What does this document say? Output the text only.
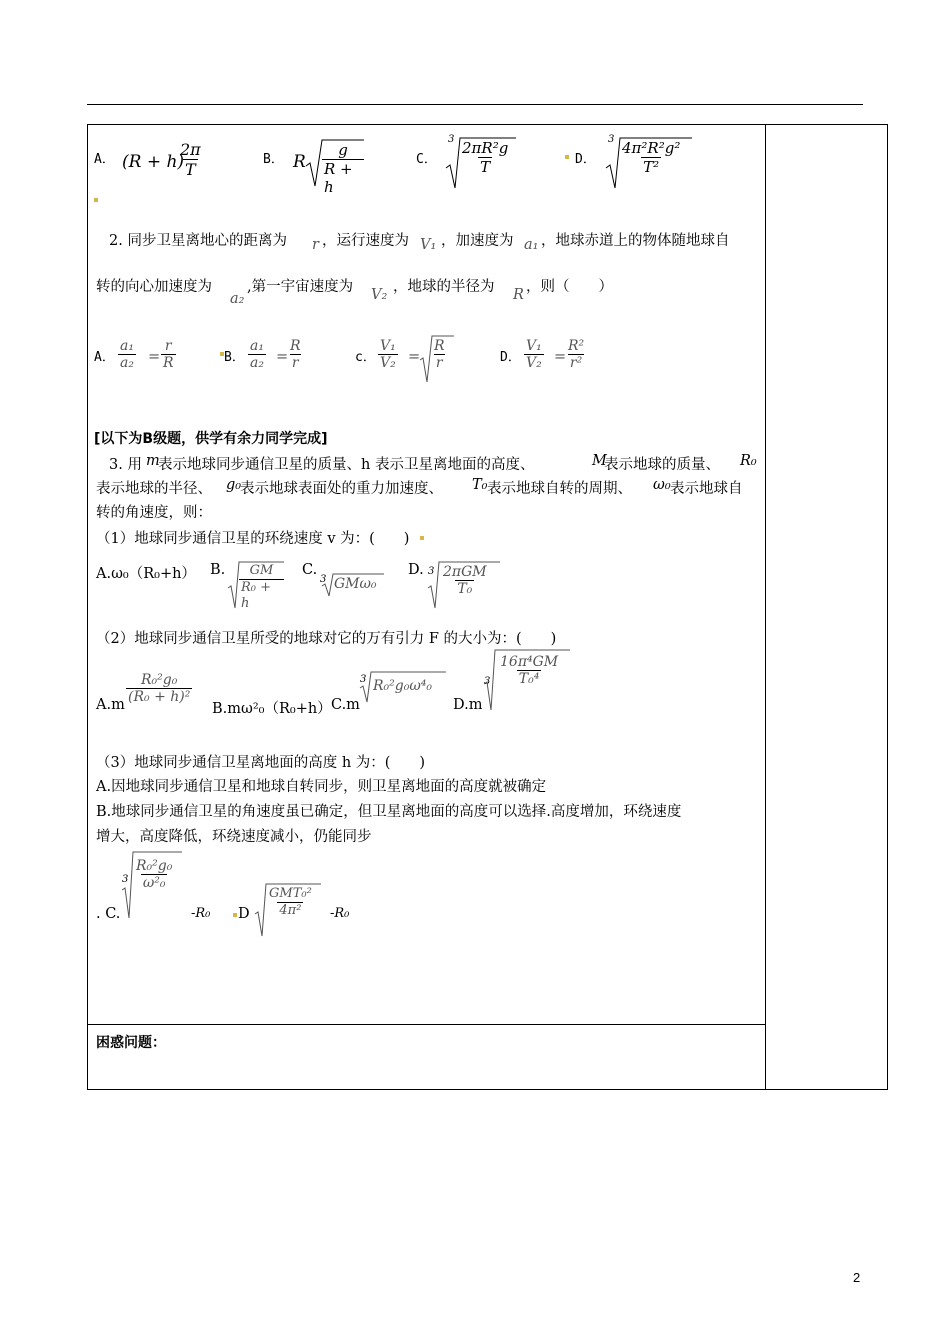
A． (R + h)
$\frac{2\pi}{T}$	B． R $\frac{g}{R + h}$	C．
3
$\frac{\text{2πR²g}}{T}$	D．
3
$\frac{\text{4π²R²g²}}{\text{T²}}$
2. 同步卫星离地心的距离为 r ，运行速度为 V₁ ，加速度为 a₁ ，地球赤道上的物体随地球自
转的向心加速度为
a₂
,第一宇宙速度为 V₂ ，地球的半径为 R ，则（　　）
A． $\frac{\text{a₁}}{\text{a₂}} = \frac{r}{R}$	B． $\frac{\text{a₁}}{\text{a₂}} = \frac{R}{r}$	c． $\frac{\text{V₁}}{\text{V₂}} = \frac{R}{r}$	D． $\frac{\text{V₁}}{\text{V₂}} = \frac{\text{R²}}{\text{r²}}$
[以下为B级题，供学有余力同学完成]
3. 用 m
表示地球同步通信卫星的质量、h 表示卫星离地面的高度、	M
表示地球的质量、 R₀
表示地球的半径、 g₀
表示地球表面处的重力加速度、 T₀ 表示地球自转的周期、 ω₀ 表示地球自
转的角速度，则：
（1）地球同步通信卫星的环绕速度 v 为：(　　)
A.ω₀（R₀+h） B. $\frac{GM}{\text{R₀ + h}} C$.
3 GMω₀
D. 3 2πGM
T₀
（2）地球同步通信卫星所受的地球对它的万有引力 F 的大小为：(　　)
$A.m \frac{\text{R₀²g₀}}{\text{(R₀ + h)²}}$
B.mω²₀（R₀+h） C.m
3 R₀²g₀ω⁴₀
D.m
$3 \frac{\text{16π⁴GM}}{\text{T₀⁴}}$
（3）地球同步通信卫星离地面的高度 h 为：(　　)
A.因地球同步通信卫星和地球自转同步，则卫星离地面的高度就被确定
B.地球同步通信卫星的角速度虽已确定，但卫星离地面的高度可以选择.高度增加，环绕速度
增大，高度降低，环绕速度减小，仍能同步
. C.
$3 \frac{\text{R₀²g₀}}{\text{ω²₀}}$
-R₀ D
GMT₀²
4π² -R₀
困惑问题：
2
